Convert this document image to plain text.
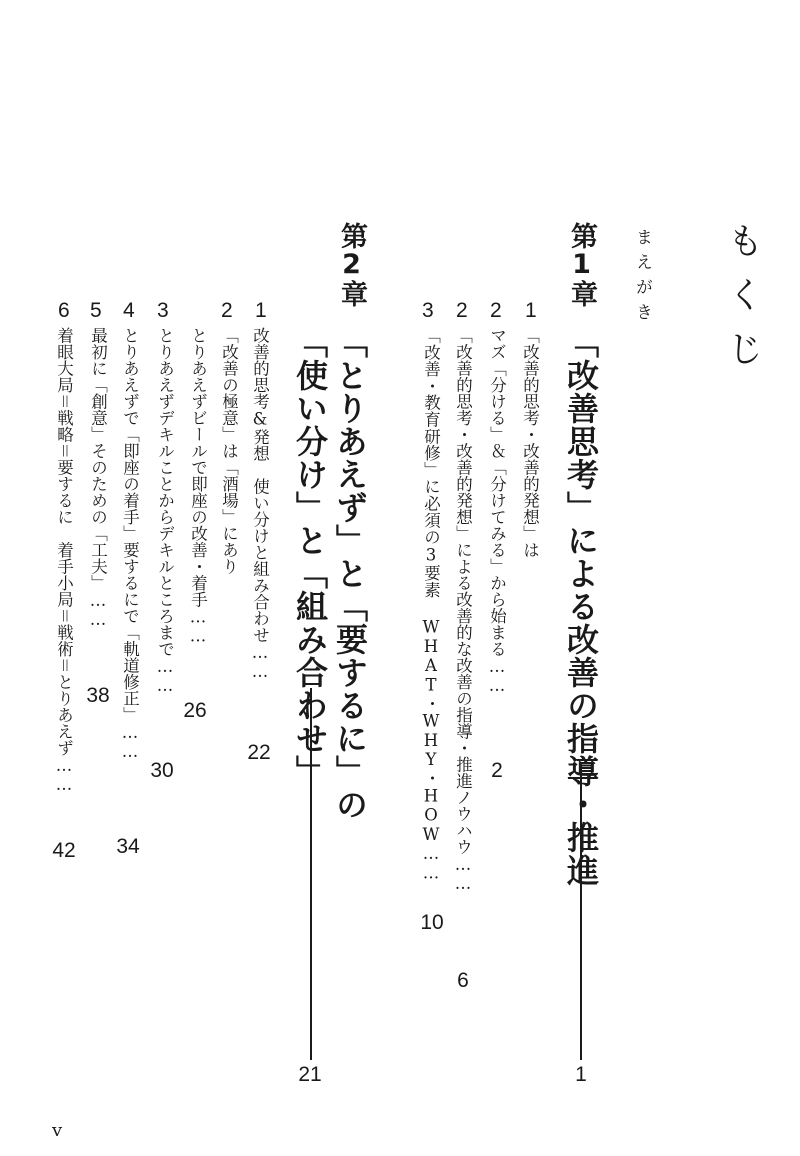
もくじ
まえがき
第1章
「改善思考」による改善の指導・推進
1
1
「改善的思考・改善的発想」は
2
マズ「分ける」＆「分けてみる」から始まる……
2
2
「改善的思考・改善的発想」による改善的な改善の指導・推進ノウハウ……
6
3
「改善・教育研修」に必須の3要素 WHAT・WHY・HOW……
10
第2章
「とりあえず」と「要するに」の
「使い分け」と「組み合わせ」
21
1
改善的思考&発想　使い分けと組み合わせ……
22
2
「改善の極意」は「酒場」にあり
とりあえずビールで即座の改善・着手……
26
3
とりあえずデキルことからデキルところまで……
30
4
とりあえずで「即座の着手」要するにで「軌道修正」……
34
5
最初に「創意」そのための「工夫」……
38
6
着眼大局＝戦略＝要するに　着手小局＝戦術＝とりあえず……
42
v
